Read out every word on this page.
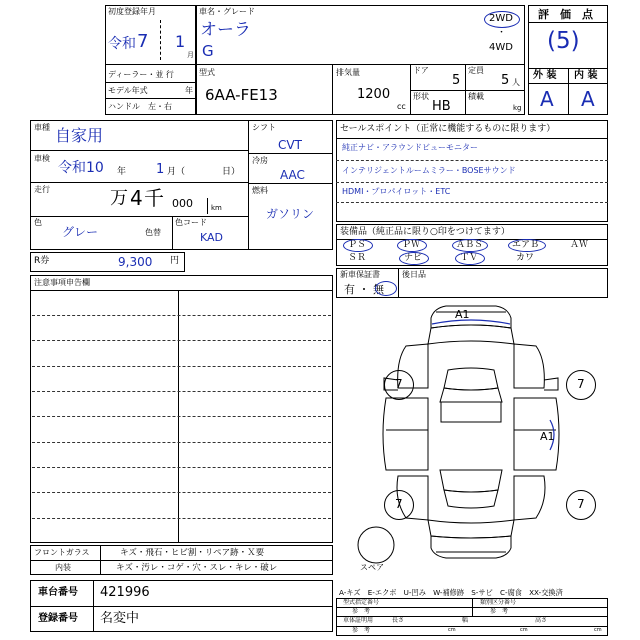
初度登録年月
令和 7 1
月
ディーラー・並 行
モデル年式	年
ハンドル　左・右
車名・グレード
オーラ
G
2WD
・
4WD
型式
6AA-FE13
排気量
1200
cc
ドア
5
定員
5 人
形状
HB
積載
kg
評　価　点
(5)
外 装 内 装
A A
車種 自家用
車検
令和10 年 1 月（	日）
走行	万 4 千 000	km
色
グレー	色替
色コード
KAD
シフト
CVT
冷房
AAC
燃料
ガソリン
セールスポイント（正常に機能するものに限ります）
純正ナビ・アラウンドビューモニター
インテリジェントルームミラー・BOSEサウンド
HDMI・プロパイロット・ETC
装備品（純正品に限り○印をつけてます）
ＰＳ	ＰＷ	ＡＢＳ	エアＢ	ＡＷ
ＳＲ	ナビ	ＴＶ	カワ
R券	9,300 円
新車保証書
有 ・ 無
後日品
注意事項申告欄
A1
A1
7	7
7	7
スペア
フロントガラス	キズ・飛石・ヒビ割・リペア跡・Ｘ要
内装	キズ・汚レ・コゲ・穴・スレ・キレ・破レ
車台番号 421996
登録番号 名変中
A-キズ　E-エクボ　U-凹み　W-補修跡　S-サビ　C-腐食　XX-交換済
型式指定番号	類別区分番号
参　考	参　考
車体証明用
参　考
長さ	幅	高さ
cm	cm	cm
